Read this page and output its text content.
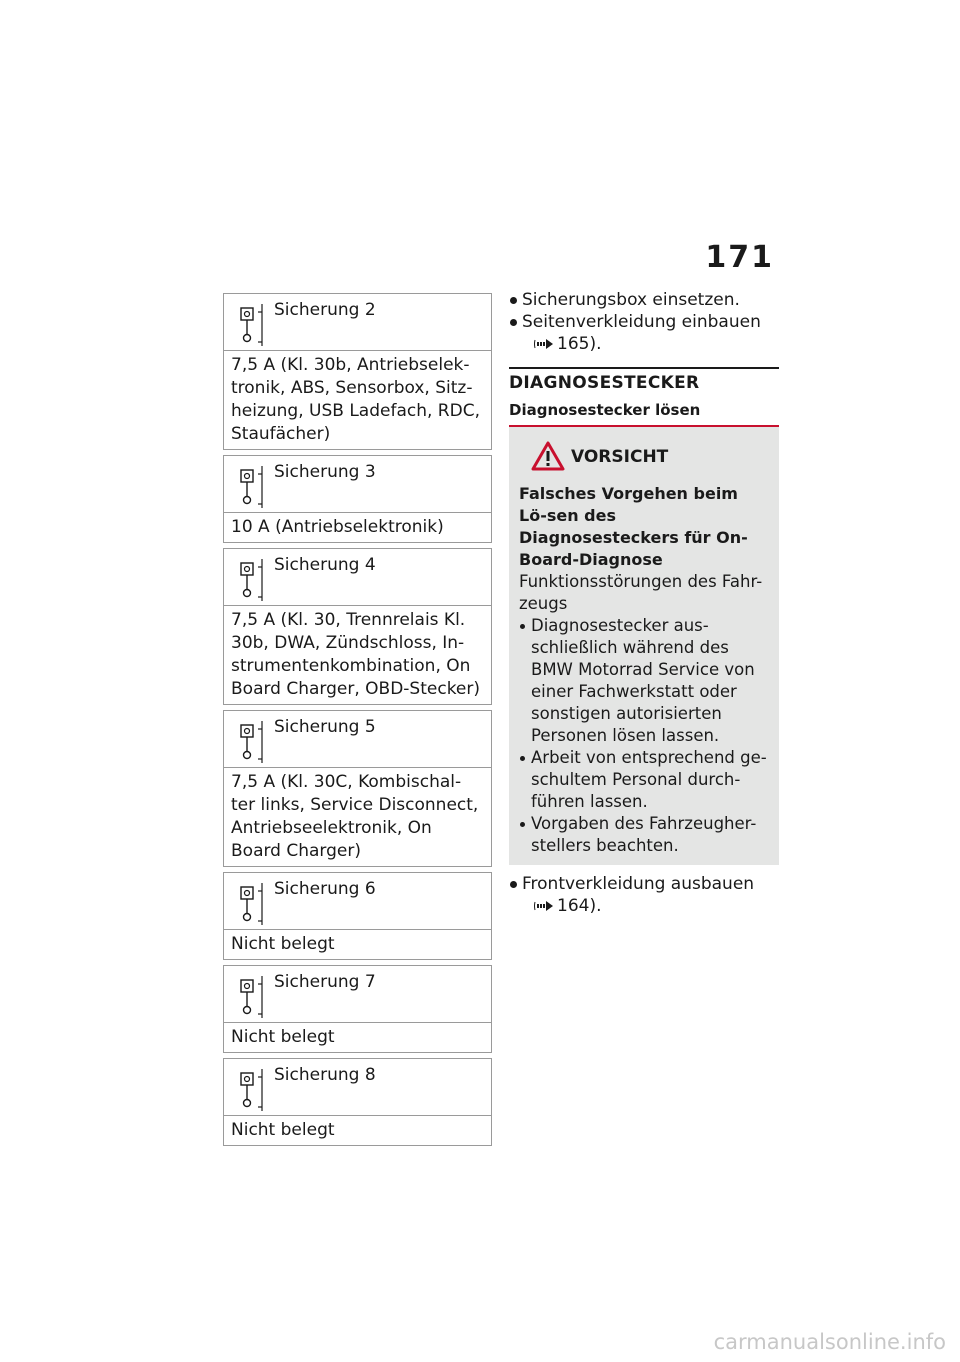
171
Sicherung 2
7,5 A (Kl. 30b, Antriebselek-tronik, ABS, Sensorbox, Sitz-heizung, USB Ladefach, RDC, Staufächer)
Sicherung 3
10 A (Antriebselektronik)
Sicherung 4
7,5 A (Kl. 30, Trennrelais Kl. 30b, DWA, Zündschloss, In-strumentenkombination, On Board Charger, OBD-Stecker)
Sicherung 5
7,5 A (Kl. 30C, Kombischal-ter links, Service Disconnect, Antriebseelektronik, On Board Charger)
Sicherung 6
Nicht belegt
Sicherung 7
Nicht belegt
Sicherung 8
Nicht belegt
Sicherungsbox einsetzen.
Seitenverkleidung einbauen
165).
DIAGNOSESTECKER
Diagnosestecker lösen
VORSICHT
Falsches Vorgehen beim Lö-sen des Diagnosesteckers für On-Board-Diagnose
Funktionsstörungen des Fahr-zeugs
Diagnosestecker aus-schließlich während des BMW Motorrad Service von einer Fachwerkstatt oder sonstigen autorisierten Personen lösen lassen.
Arbeit von entsprechend ge-schultem Personal durch-führen lassen.
Vorgaben des Fahrzeugher-stellers beachten.
Frontverkleidung ausbauen
164).
carmanualsonline.info
